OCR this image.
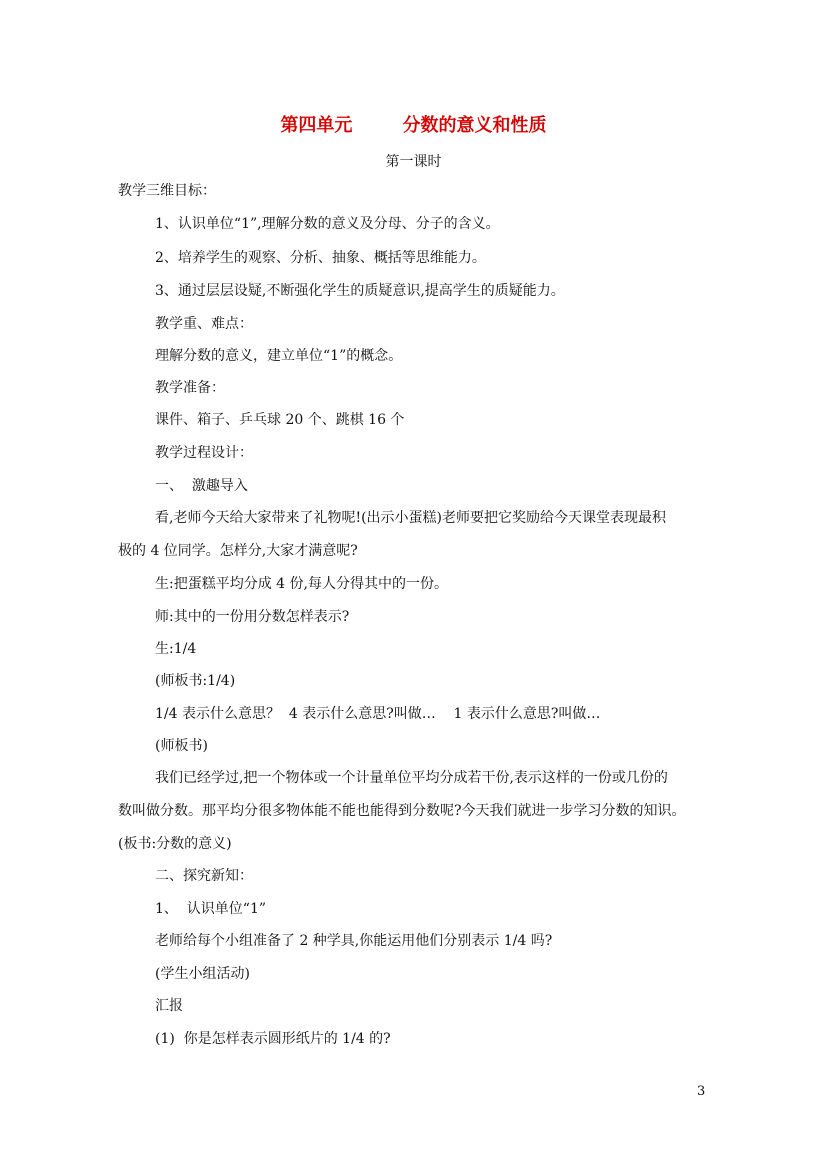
第四单元        分数的意义和性质
第一课时
教学三维目标：
1、认识单位“1”,理解分数的意义及分母、分子的含义。
2、培养学生的观察、分析、抽象、概括等思维能力。
3、通过层层设疑,不断强化学生的质疑意识,提高学生的质疑能力。
教学重、难点：
理解分数的意义，建立单位“1”的概念。
教学准备：
课件、箱子、乒乓球 20 个、跳棋 16 个
教学过程设计：
一、  激趣导入
看,老师今天给大家带来了礼物呢!(出示小蛋糕)老师要把它奖励给今天课堂表现最积
极的 4 位同学。怎样分,大家才满意呢?
生:把蛋糕平均分成 4 份,每人分得其中的一份。
师:其中的一份用分数怎样表示?
生:1/4
(师板书:1/4)
1/4 表示什么意思？  4 表示什么意思?叫做…    1 表示什么意思?叫做…
(师板书)
我们已经学过,把一个物体或一个计量单位平均分成若干份,表示这样的一份或几份的
数叫做分数。那平均分很多物体能不能也能得到分数呢?今天我们就进一步学习分数的知识。
(板书:分数的意义)
二、探究新知：
1、  认识单位“1”
老师给每个小组准备了 2 种学具,你能运用他们分别表示 1/4 吗?
(学生小组活动)
汇报
(1)  你是怎样表示圆形纸片的 1/4 的?
3
